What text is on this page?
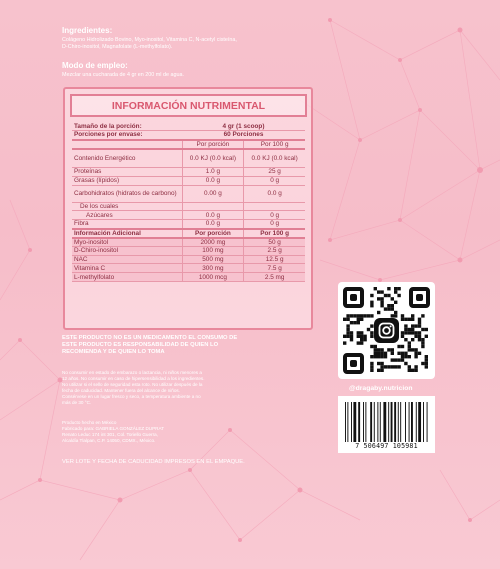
Ingredientes:
Colágeno Hidrolizado Bovino, Myo-inositol, Vitamina C, N-acetyl cisteína,
D-Chiro-inositol, Magnafolate (L-methylfolato).
Modo de empleo:
Mezclar una cucharada de 4 gr en 200 ml de agua.
INFORMACIÓN NUTRIMENTAL
Tamaño de la porción:	4 gr (1 scoop)	
Porciones por envase:	60 Porciones	
	Por porción	Por 100 g
Contenido Energético	0.0 KJ (0.0 kcal)	0.0 KJ (0.0 kcal)
Proteínas	1.0 g	25 g
Grasas (lípidos)	0.0 g	0 g
Carbohidratos (hidratos de carbono)	0.00 g	0.0 g
De los cuales		
Azúcares	0.0 g	0 g
Fibra	0.0 g	0 g
Información Adicional	Por porción	Por 100 g
Myo-inositol	2000 mg	50 g
D-Chiro-inositol	100 mg	2.5 g
NAC	500 mg	12.5 g
Vitamina C	300 mg	7.5 g
L-methylfolato	1000 mcg	2.5 mg
ESTE PRODUCTO NO ES UN MEDICAMENTO EL CONSUMO DE ESTE PRODUCTO ES RESPONSABILIDAD DE QUIEN LO RECOMIENDA Y DE QUIEN LO TOMA
No consumir en estado de embarazo o lactancia, ni niños menores a
12 años. No consumir en caso de hipersensibilidad a los ingredientes.
No utilizar si el sello de seguridad esta roto. No utilizar después de la
fecha de caducidad. Mantener fuera del alcance de niños.
Consérvese en un lugar fresco y seco, a temperatura ambiente a no
más de 30 °C.
Producto hecho en México
Fabricado para: GABRIELA GONZÁLEZ DUPRAT
Renato Leduc 174 int 301, Col. Toriello Guerra,
Alcaldía Tlalpan, C.P. 14050, CDMX., México.
VER LOTE Y FECHA DE CADUCIDAD IMPRESOS EN EL EMPAQUE.
@dragaby.nutricion
7 506497 105981
